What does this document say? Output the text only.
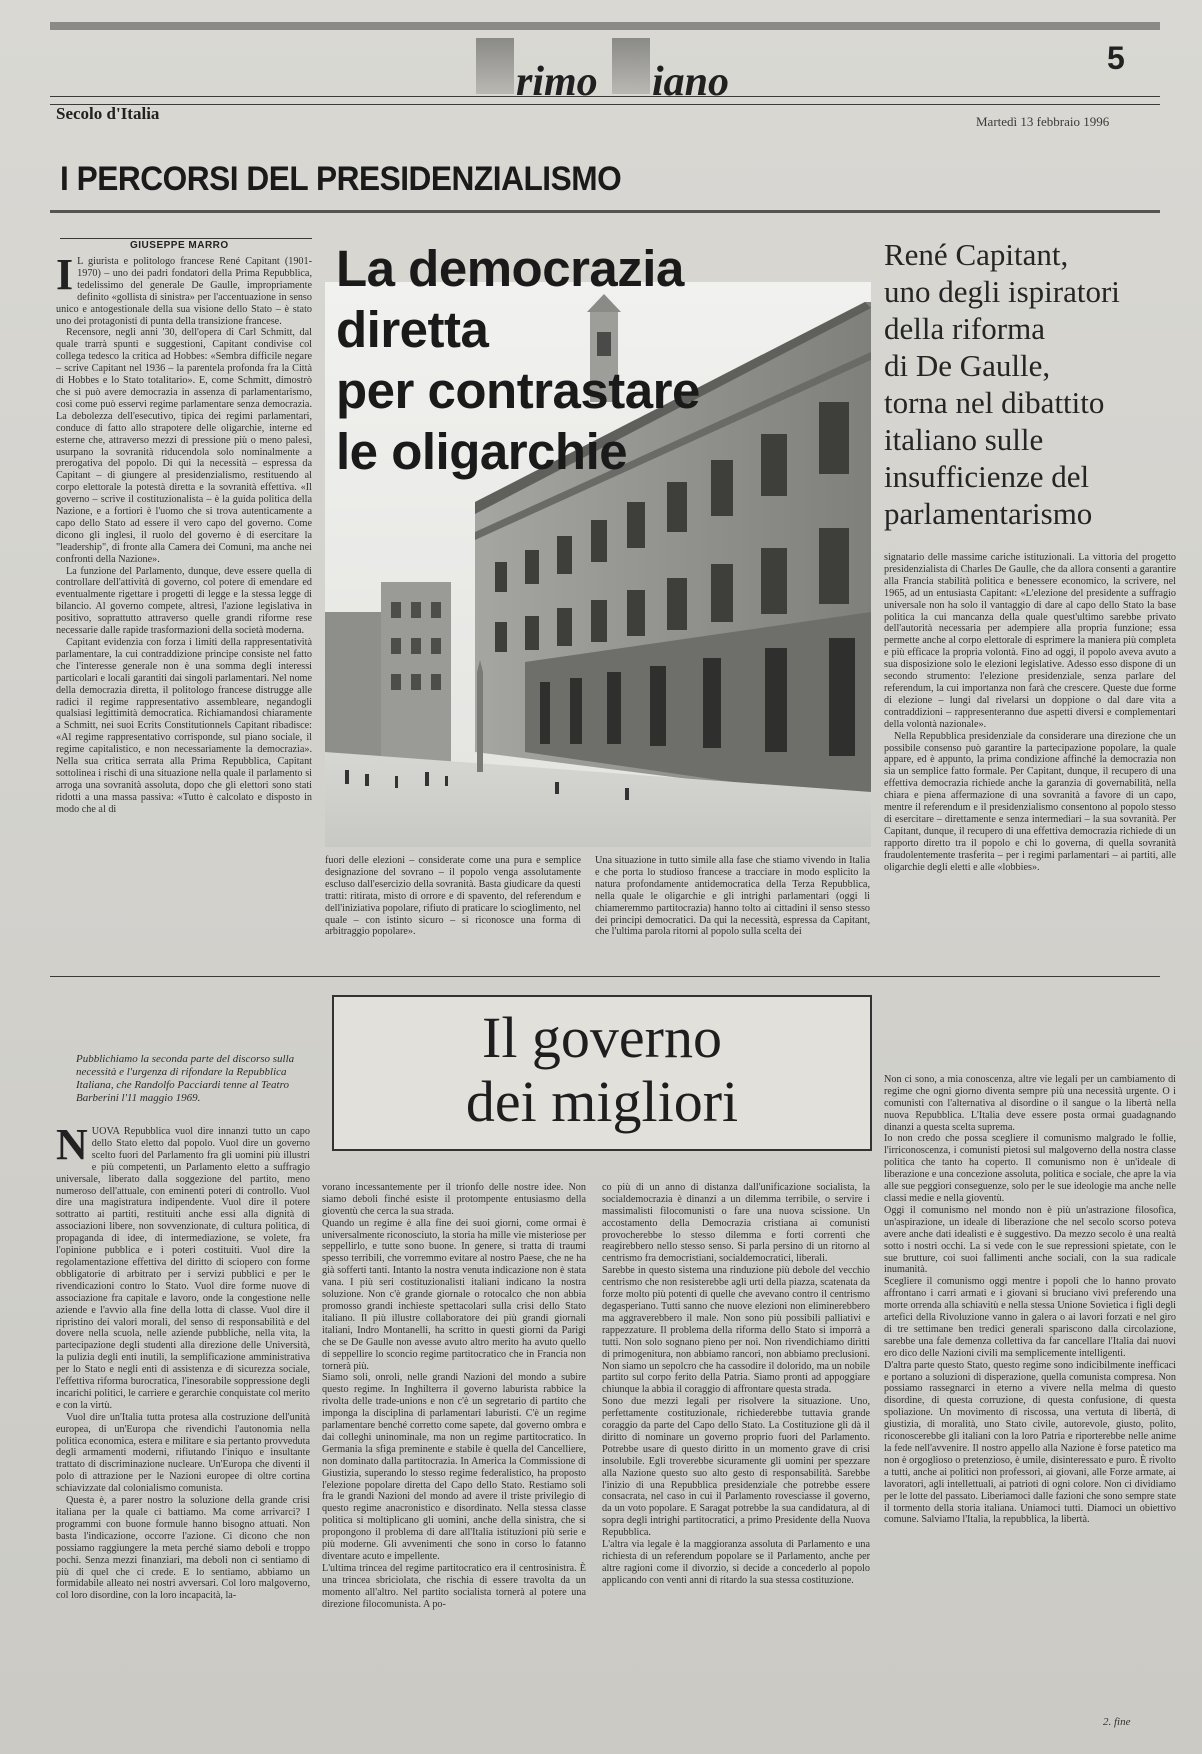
rimo iano
5
Secolo d'Italia	Martedì 13 febbraio 1996
I PERCORSI DEL PRESIDENZIALISMO
GIUSEPPE MARRO

I L giurista e politologo francese René Capitant (1901-1970) – uno dei padri fondatori della Prima Repubblica, tedelissimo del generale De Gaulle, impropriamente definito «gollista di sinistra» per l'accentuazione in senso unico e antogestionale della sua visione dello Stato – è stato uno dei protagonisti di punta della transizione francese.

Recensore, negli anni '30, dell'opera di Carl Schmitt, dal quale trarrà spunti e suggestioni, Capitant condivise col collega tedesco la critica ad Hobbes: «Sembra difficile negare – scrive Capitant nel 1936 – la parentela profonda fra la Città di Hobbes e lo Stato totalitario». E, come Schmitt, dimostrò che si può avere democrazia in assenza di parlamentarismo, così come può esservi regime parlamentare senza democrazia. La debolezza dell'esecutivo, tipica dei regimi parlamentari, conduce di fatto allo strapotere delle oligarchie, interne ed esterne che, attraverso mezzi di pressione più o meno palesi, usurpano la sovranità riducendola solo nominalmente a prerogativa del popolo. Di qui la necessità – espressa da Capitant – di giungere al presidenzialismo, restituendo al corpo elettorale la potestà diretta e la sovranità effettiva. «Il governo – scrive il costituzionalista – è la guida politica della Nazione, e a fortiori è l'uomo che si trova autenticamente a capo dello Stato ad essere il vero capo del governo. Come dicono gli inglesi, il ruolo del governo è di esercitare la "leadership", di fronte alla Camera dei Comuni, ma anche nei confronti della Nazione».

La funzione del Parlamento, dunque, deve essere quella di controllare dell'attività di governo, col potere di emendare ed eventualmente rigettare i progetti di legge e la stessa legge di bilancio. Al governo compete, altresì, l'azione legislativa in positivo, soprattutto attraverso quelle grandi riforme rese necessarie dalle rapide trasformazioni della società moderna.

Capitant evidenzia con forza i limiti della rappresentatività parlamentare, la cui contraddizione principe consiste nel fatto che l'interesse generale non è una somma degli interessi particolari e locali garantiti dai singoli parlamentari. Nel nome della democrazia diretta, il politologo francese distrugge alle radici il regime rappresentativo assembleare, negandogli qualsiasi legittimità democratica. Richiamandosi chiaramente a Schmitt, nei suoi Ecrits Constitutionnels Capitant ribadisce: «Al regime rappresentativo corrisponde, sul piano sociale, il regime capitalistico, e non necessariamente la democrazia». Nella sua critica serrata alla Prima Repubblica, Capitant sottolinea i rischi di una situazione nella quale il parlamento si arroga una sovranità assoluta, dopo che gli elettori sono stati ridotti a una massa passiva: «Tutto è calcolato e disposto in modo che al di

La democrazia
diretta
per contrastare
le oligarchie
René Capitant,
uno degli ispiratori
della riforma
di De Gaulle,
torna nel dibattito
italiano sulle
insufficienze del
parlamentarismo

fuori delle elezioni – considerate come una pura e semplice designazione del sovrano – il popolo venga assolutamente escluso dall'esercizio della sovranità. Basta giudicare da questi tratti: ritirata, misto di orrore e di spavento, del referendum e dell'iniziativa popolare, rifiuto di praticare lo scioglimento, nel quale – con istinto sicuro – si riconosce una forma di arbitraggio popolare».

Una situazione in tutto simile alla fase che stiamo vivendo in Italia e che porta lo studioso francese a tracciare in modo esplicito la natura profondamente antidemocratica della Terza Repubblica, nella quale le oligarchie e gli intrighi parlamentari (oggi li chiameremmo partitocrazia) hanno tolto ai cittadini il senso stesso dei principi democratici. Da qui la necessità, espressa da Capitant, che l'ultima parola ritorni al popolo sulla scelta dei

signatario delle massime cariche istituzionali. La vittoria del progetto presidenzialista di Charles De Gaulle, che da allora consenti a garantire alla Francia stabilità politica e benessere economico, la scrivere, nel 1965, ad un entusiasta Capitant: «L'elezione del presidente a suffragio universale non ha solo il vantaggio di dare al capo dello Stato la base politica la cui mancanza della quale quest'ultimo sarebbe privato dell'autorità necessaria per adempiere alla propria funzione; essa permette anche al corpo elettorale di esprimere la maniera più completa e più efficace la propria volontà. Fino ad oggi, il popolo aveva avuto a sua disposizione solo le elezioni legislative. Adesso esso dispone di un secondo strumento: l'elezione presidenziale, senza parlare del referendum, la cui importanza non farà che crescere. Queste due forme di elezione – lungi dal rivelarsi un doppione o dal dare vita a contraddizioni – rappresenteranno due aspetti diversi e complementari della volontà nazionale».

Nella Repubblica presidenziale da considerare una direzione che un possibile consenso può garantire la partecipazione popolare, la quale appare, ed è appunto, la prima condizione affinché la democrazia non sia un semplice fatto formale. Per Capitant, dunque, il recupero di una effettiva democrazia richiede anche la garanzia di governabilità, nella chiara e piena affermazione di una sovranità a favore di un capo, mentre il referendum e il presidenzialismo consentono al popolo stesso di esercitare – direttamente e senza intermediari – la sua sovranità. Per Capitant, dunque, il recupero di una effettiva democrazia richiede di un rapporto diretto tra il popolo e chi lo governa, di quella sovranità fraudolentemente trasferita – per i regimi parlamentari – ai partiti, alle oligarchie degli eletti e alle «lobbies».

Il governo
dei migliori
Pubblichiamo la seconda parte del discorso sulla necessità e l'urgenza di rifondare la Repubblica Italiana, che Randolfo Pacciardi tenne al Teatro Barberini l'11 maggio 1969.

NUOVA Repubblica vuol dire innanzi tutto un capo dello Stato eletto dal popolo. Vuol dire un governo scelto fuori del Parlamento fra gli uomini più illustri e più competenti, un Parlamento eletto a suffragio universale, liberato dalla soggezione del partito, meno numeroso dell'attuale, con eminenti poteri di controllo. Vuol dire una magistratura indipendente. Vuol dire il potere sottratto ai partiti, restituiti anche essi alla dignità di associazioni libere, non sovvenzionate, di cultura politica, di propaganda di idee, di intermediazione, se volete, fra l'opinione pubblica e i poteri costituiti. Vuol dire la regolamentazione effettiva del diritto di sciopero con forme obbligatorie di arbitrato per i servizi pubblici e per le rivendicazioni contro lo Stato. Vuol dire forme nuove di associazione fra capitale e lavoro, onde la congestione nelle aziende e l'avvio alla fine della lotta di classe. Vuol dire il ripristino dei valori morali, del senso di responsabilità e del dovere nella scuola, nelle aziende pubbliche, nella vita, la partecipazione degli studenti alla direzione delle Università, la pulizia degli enti inutili, la semplificazione amministrativa per lo Stato e negli enti di assistenza e di sicurezza sociale, l'effettiva riforma burocratica, l'inesorabile soppressione degli incarichi politici, le carriere e gerarchie conquistate col merito e con la virtù.

Vuol dire un'Italia tutta protesa alla costruzione dell'unità europea, di un'Europa che rivendichi l'autonomia nella politica economica, estera e militare e sia pertanto provveduta degli armamenti moderni, rifiutando l'iniquo e insultante trattato di discriminazione nucleare. Un'Europa che diventi il polo di attrazione per le Nazioni europee di oltre cortina schiavizzate dal colonialismo comunista.

Questa è, a parer nostro la soluzione della grande crisi italiana per la quale ci battiamo. Ma come arrivarci? I programmi con buone formule hanno bisogno attuati. Non basta l'indicazione, occorre l'azione. Ci dicono che non possiamo raggiungere la meta perché siamo deboli e troppo pochi. Senza mezzi finanziari, ma deboli non ci sentiamo di più di quel che ci crede. E lo sentiamo, abbiamo un formidabile alleato nei nostri avversari. Col loro malgoverno, col loro disordine, con la loro incapacità, la-

vorano incessantemente per il trionfo delle nostre idee. Non siamo deboli finché esiste il protompente entusiasmo della gioventù che cerca la sua strada.
Quando un regime è alla fine dei suoi giorni, come ormai è universalmente riconosciuto, la storia ha mille vie misteriose per seppellirlo, e tutte sono buone. In genere, si tratta di traumi spesso terribili, che vorremmo evitare al nostro Paese, che ne ha già sofferti tanti. Intanto la nostra venuta indicazione non è stata vana. I più seri costituzionalisti italiani indicano la nostra soluzione. Non c'è grande giornale o rotocalco che non abbia promosso grandi inchieste spettacolari sulla crisi dello Stato italiano. Il più illustre collaboratore dei più grandi giornali italiani, Indro Montanelli, ha scritto in questi giorni da Parigi che se De Gaulle non avesse avuto altro merito ha avuto quello di seppellire lo sconcio regime partitocratico che in Francia non tornerà più.
Siamo soli, onroli, nelle grandi Nazioni del mondo a subire questo regime. In Inghilterra il governo laburista rabbice la rivolta delle trade-unions e non c'è un segretario di partito che imponga la disciplina di parlamentari laburisti. C'è un regime parlamentare benché corretto come sapete, dal governo ombra e dai colleghi uninominale, ma non un regime partitocratico. In Germania la sfiga preminente e stabile è quella del Cancelliere, non dominato dalla partitocrazia. In America la Commissione di Giustizia, superando lo stesso regime federalistico, ha proposto l'elezione popolare diretta del Capo dello Stato. Restiamo soli fra le grandi Nazioni del mondo ad avere il triste privilegio di questo regime anacronistico e disordinato. Nella stessa classe politica si moltiplicano gli uomini, anche della sinistra, che si propongono il problema di dare all'Italia istituzioni più serie e più moderne. Gli avvenimenti che sono in corso lo fatanno diventare acuto e impellente.
L'ultima trincea del regime partitocratico era il centrosinistra. È una trincea sbriciolata, che rischia di essere travolta da un momento all'altro. Nel partito socialista tornerà al potere una direzione filocomunista. A po-

co più di un anno di distanza dall'unificazione socialista, la socialdemocrazia è dinanzi a un dilemma terribile, o servire i massimalisti filocomunisti o fare una nuova scissione. Un accostamento della Democrazia cristiana ai comunisti provocherebbe lo stesso dilemma e forti correnti che reagirebbero nello stesso senso. Si parla persino di un ritorno al centrismo fra democristiani, socialdemocratici, liberali.
Sarebbe in questo sistema una rinduzione più debole del vecchio centrismo che non resisterebbe agli urti della piazza, scatenata da forze molto più potenti di quelle che avevano contro il centrismo degasperiano. Tutti sanno che nuove elezioni non eliminerebbero ma aggraverebbero il male. Non sono più possibili palliativi e rappezzature. Il problema della riforma dello Stato si imporrà a tutti. Non solo sognano pieno per noi. Non rivendichiamo diritti di primogenitura, non abbiamo rancori, non abbiamo preclusioni. Non siamo un sepolcro che ha cassodire il dolorido, ma un nobile partito sul corpo ferito della Patria. Siamo pronti ad appoggiare chiunque la abbia il coraggio di affrontare questa strada.
Sono due mezzi legali per risolvere la situazione. Uno, perfettamente costituzionale, richiederebbe tuttavia grande coraggio da parte del Capo dello Stato. La Costituzione gli dà il diritto di nominare un governo proprio fuori del Parlamento. Potrebbe usare di questo diritto in un momento grave di crisi insolubile. Egli troverebbe sicuramente gli uomini per spezzare alla Nazione questo suo alto gesto di responsabilità. Sarebbe l'inizio di una Repubblica presidenziale che potrebbe essere consacrata, nel caso in cui il Parlamento rovesciasse il governo, da un voto popolare. E Saragat potrebbe la sua candidatura, al di sopra degli intrighi partitocratici, a primo Presidente della Nuova Repubblica.
L'altra via legale è la maggioranza assoluta di Parlamento e una richiesta di un referendum popolare se il Parlamento, anche per altre ragioni come il divorzio, si decide a concederlo al popolo applicando con venti anni di ritardo la sua stessa costituzione.

Non ci sono, a mia conoscenza, altre vie legali per un cambiamento di regime che ogni giorno diventa sempre più una necessità urgente. O i comunisti con l'alternativa al disordine o il sangue o la libertà nella nuova Repubblica. L'Italia deve essere posta ormai guadagnando dinanzi a questa scelta suprema.
Io non credo che possa scegliere il comunismo malgrado le follie, l'irriconoscenza, i comunisti pietosi sul malgoverno della nostra classe politica che tanto ha coperto. Il comunismo non è un'ideale di liberazione e una concezione assoluta, politica e sociale, che apre la via alle sue peggiori conseguenze, solo per le sue ideologie ma anche nelle classi medie e nella gioventù.
Oggi il comunismo nel mondo non è più un'astrazione filosofica, un'aspirazione, un ideale di liberazione che nel secolo scorso poteva avere anche dati idealisti e è suggestivo. Da mezzo secolo è una realtà sotto i nostri occhi. La si vede con le sue repressioni spietate, con le sue brutture, coi suoi fallimenti anche sociali, con la sua radicale inumanità.
Scegliere il comunismo oggi mentre i popoli che lo hanno provato affrontano i carri armati e i giovani si bruciano vivi preferendo una morte orrenda alla schiavitù e nella stessa Unione Sovietica i figli degli artefici della Rivoluzione vanno in galera o ai lavori forzati e nel giro di tre settimane ben tredici generali spariscono dalla circolazione, sarebbe una fale demenza collettiva da far cancellare l'Italia dai nuovi ero dico delle Nazioni civili ma semplicemente intelligenti.
D'altra parte questo Stato, questo regime sono indicibilmente inefficaci e portano a soluzioni di disperazione, quella comunista compresa. Non possiamo rassegnarci in eterno a vivere nella melma di questo disordine, di questa corruzione, di questa confusione, di questa spoliazione. Un movimento di riscossa, una vertuta di libertà, di giustizia, di moralità, uno Stato civile, autorevole, giusto, polito, riconoscerebbe gli italiani con la loro Patria e riporterebbe nelle anime la fede nell'avvenire. Il nostro appello alla Nazione è forse patetico ma non è orgoglioso o pretenzioso, è umile, disinteressato e puro. È rivolto a tutti, anche ai politici non professori, ai giovani, alle Forze armate, ai lavoratori, agli intellettuali, ai patrioti di ogni colore. Non ci dividiamo per le lotte del passato. Liberiamoci dalle fazioni che sono sempre state il tormento della storia italiana. Uniamoci tutti. Diamoci un obiettivo comune. Salviamo l'Italia, la repubblica, la libertà.

2. fine
